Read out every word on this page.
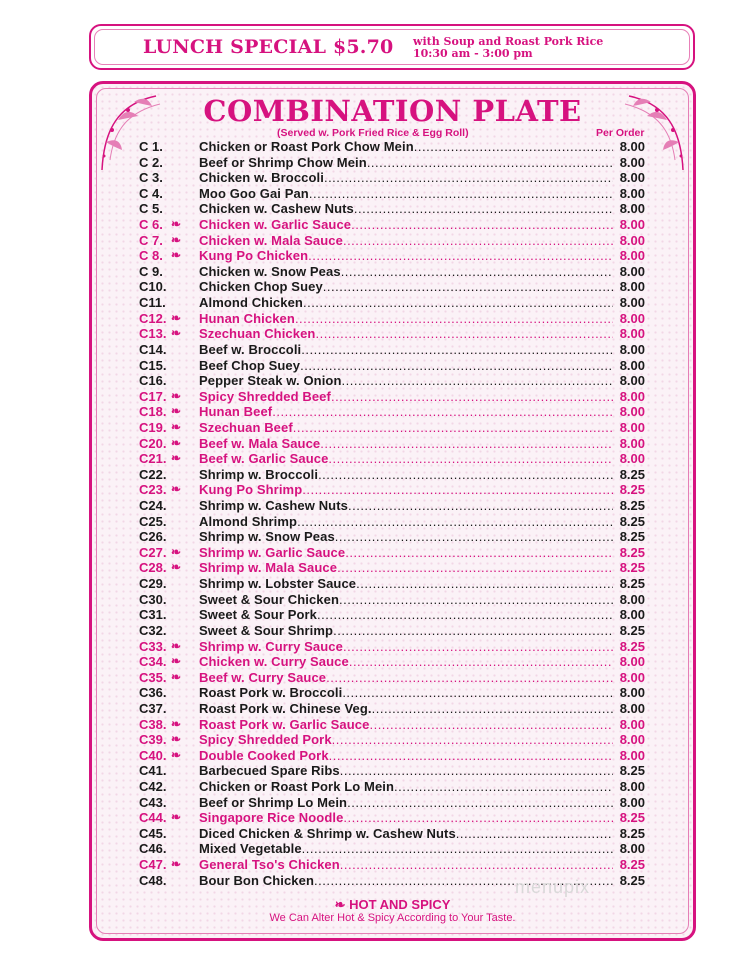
LUNCH SPECIAL $5.70 with Soup and Roast Pork Rice
10:30 am - 3:00 pm
COMBINATION PLATE
(Served w. Pork Fried Rice & Egg Roll)	Per Order
❧ HOT AND SPICY
We Can Alter Hot & Spicy According to Your Taste.
C 1.	Chicken or Roast Pork Chow Mein .....	8.00
C 2.	Beef or Shrimp Chow Mein .....	8.00
C 3.	Chicken w. Broccoli .....	8.00
C 4.	Moo Goo Gai Pan .....	8.00
C 5.	Chicken w. Cashew Nuts .....	8.00
C 6. ❧ Chicken w. Garlic Sauce .....	8.00
C 7. ❧ Chicken w. Mala Sauce .....	8.00
C 8. ❧ Kung Po Chicken .....	8.00
C 9.	Chicken w. Snow Peas .....	8.00
C10.	Chicken Chop Suey .....	8.00
C11.	Almond Chicken .....	8.00
C12. ❧ Hunan Chicken .....	8.00
C13. ❧ Szechuan Chicken .....	8.00
C14.	Beef w. Broccoli .....	8.00
C15.	Beef Chop Suey .....	8.00
C16.	Pepper Steak w. Onion .....	8.00
C17. ❧ Spicy Shredded Beef .....	8.00
C18. ❧ Hunan Beef .....	8.00
C19. ❧ Szechuan Beef .....	8.00
C20. ❧ Beef w. Mala Sauce .....	8.00
C21. ❧ Beef w. Garlic Sauce .....	8.00
C22.	Shrimp w. Broccoli .....	8.25
C23. ❧ Kung Po Shrimp .....	8.25
C24.	Shrimp w. Cashew Nuts .....	8.25
C25.	Almond Shrimp .....	8.25
C26.	Shrimp w. Snow Peas .....	8.25
C27. ❧ Shrimp w. Garlic Sauce .....	8.25
C28. ❧ Shrimp w. Mala Sauce .....	8.25
C29.	Shrimp w. Lobster Sauce .....	8.25
C30.	Sweet & Sour Chicken .....	8.00
C31.	Sweet & Sour Pork .....	8.00
C32.	Sweet & Sour Shrimp .....	8.25
C33. ❧ Shrimp w. Curry Sauce .....	8.25
C34. ❧ Chicken w. Curry Sauce .....	8.00
C35. ❧ Beef w. Curry Sauce .....	8.00
C36.	Roast Pork w. Broccoli .....	8.00
C37.	Roast Pork w. Chinese Veg. .....	8.00
C38. ❧ Roast Pork w. Garlic Sauce .....	8.00
C39. ❧ Spicy Shredded Pork .....	8.00
C40. ❧ Double Cooked Pork .....	8.00
C41.	Barbecued Spare Ribs .....	8.25
C42.	Chicken or Roast Pork Lo Mein .....	8.00
C43.	Beef or Shrimp Lo Mein .....	8.00
C44. ❧ Singapore Rice Noodle .....	8.25
C45.	Diced Chicken & Shrimp w. Cashew Nuts .....	8.25
C46.	Mixed Vegetable .....	8.00
C47. ❧ General Tso's Chicken .....	8.25
C48.	Bour Bon Chicken .....	8.25
menupix
